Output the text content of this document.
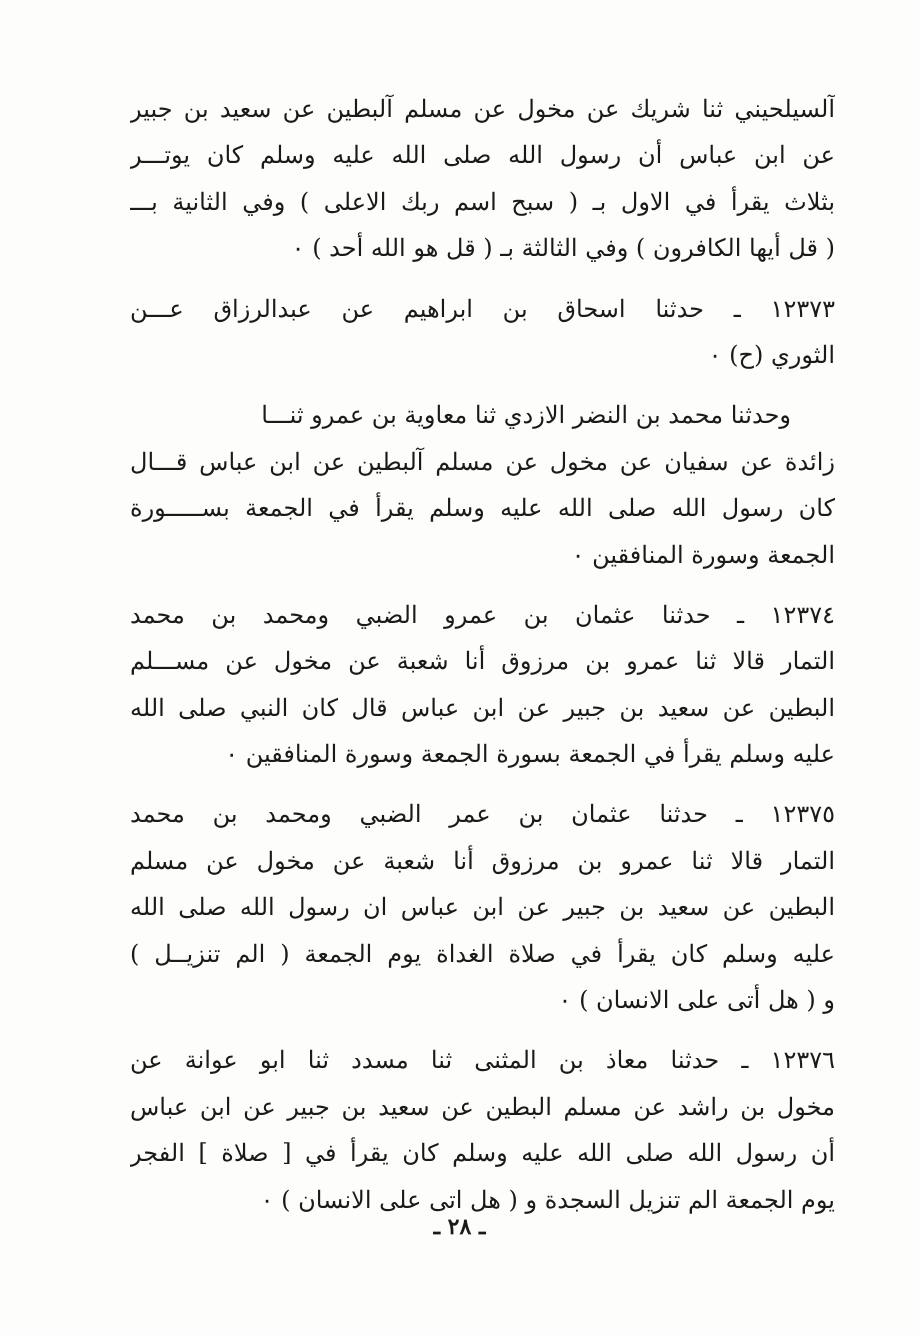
آلسيلحيني ثنا شريك عن مخول عن مسلم آلبطين عن سعيد بن جبير
عن ابن عباس أن رسول الله صلى الله عليه وسلم كان يوتـــر
بثلاث يقرأ في الاول بـ ( سبح اسم ربك الاعلى ) وفي الثانية بـــ
( قل أيها الكافرون ) وفي الثالثة بـ ( قل هو الله أحد ) ٠
١٢٣٧٣ ـ حدثنا اسحاق بن ابراهيم عن عبدالرزاق عـــن
الثوري (ح) ٠
وحدثنا محمد بن النضر الازدي ثنا معاوية بن عمرو ثنـــا
زائدة عن سفيان عن مخول عن مسلم آلبطين عن ابن عباس قـــال
كان رسول الله صلى الله عليه وسلم يقرأ في الجمعة بســـــورة
الجمعة وسورة المنافقين ٠
١٢٣٧٤ ـ حدثنا عثمان بن عمرو الضبي ومحمد بن محمد
التمار قالا ثنا عمرو بن مرزوق أنا شعبة عن مخول عن مســـلم
البطين عن سعيد بن جبير عن ابن عباس قال كان النبي صلى الله
عليه وسلم يقرأ في الجمعة بسورة الجمعة وسورة المنافقين ٠
١٢٣٧٥ ـ حدثنا عثمان بن عمر الضبي ومحمد بن محمد
التمار قالا ثنا عمرو بن مرزوق أنا شعبة عن مخول عن مسلم
البطين عن سعيد بن جبير عن ابن عباس ان رسول الله صلى الله
عليه وسلم كان يقرأ في صلاة الغداة يوم الجمعة ( الم تنزيــل )
و ( هل أتى على الانسان ) ٠
١٢٣٧٦ ـ حدثنا معاذ بن المثنى ثنا مسدد ثنا ابو عوانة عن
مخول بن راشد عن مسلم البطين عن سعيد بن جبير عن ابن عباس
أن رسول الله صلى الله عليه وسلم كان يقرأ في [ صلاة ] الفجر
يوم الجمعة الم تنزيل السجدة و ( هل اتى على الانسان ) ٠
ـ ٢٨ ـ
